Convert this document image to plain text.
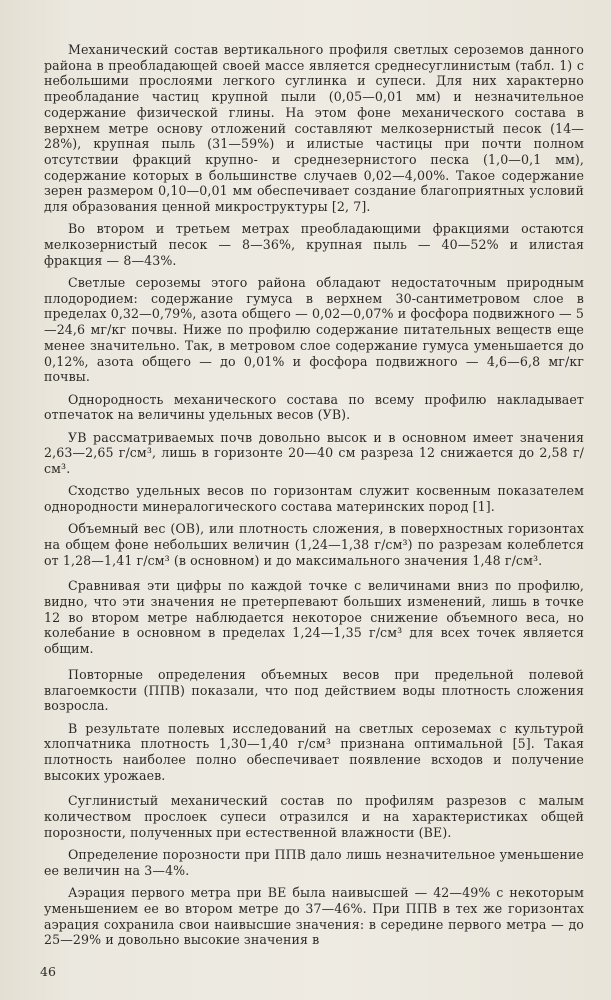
Механический состав вертикального профиля светлых сероземов данного района в преобладающей своей массе является среднесуглинистым (табл. 1) с небольшими прослоями легкого суглинка и супеси. Для них характерно преобладание частиц крупной пыли (0,05—0,01 мм) и незначительное содержание физической глины. На этом фоне механического состава в верхнем метре основу отложений составляют мелкозернистый песок (14—28%), крупная пыль (31—59%) и илистые частицы при почти полном отсутствии фракций крупно- и среднезернистого песка (1,0—0,1 мм), содержание которых в большинстве случаев 0,02—4,00%. Такое содержание зерен размером 0,10—0,01 мм обеспечивает создание благоприятных условий для образования ценной микроструктуры [2, 7].

Во втором и третьем метрах преобладающими фракциями остаются мелкозернистый песок — 8—36%, крупная пыль — 40—52% и илистая фракция — 8—43%.

Светлые сероземы этого района обладают недостаточным природным плодородием: содержание гумуса в верхнем 30-сантиметровом слое в пределах 0,32—0,79%, азота общего — 0,02—0,07% и фосфора подвижного — 5—24,6 мг/кг почвы. Ниже по профилю содержание питательных веществ еще менее значительно. Так, в метровом слое содержание гумуса уменьшается до 0,12%, азота общего — до 0,01% и фосфора подвижного — 4,6—6,8 мг/кг почвы.

Однородность механического состава по всему профилю накладывает отпечаток на величины удельных весов (УВ).

УВ рассматриваемых почв довольно высок и в основном имеет значения 2,63—2,65 г/см³, лишь в горизонте 20—40 см разреза 12 снижается до 2,58 г/см³.

Сходство удельных весов по горизонтам служит косвенным показателем однородности минералогического состава материнских пород [1].

Объемный вес (ОВ), или плотность сложения, в поверхностных горизонтах на общем фоне небольших величин (1,24—1,38 г/см³) по разрезам колеблется от 1,28—1,41 г/см³ (в основном) и до максимального значения 1,48 г/см³.

Сравнивая эти цифры по каждой точке с величинами вниз по профилю, видно, что эти значения не претерпевают больших изменений, лишь в точке 12 во втором метре наблюдается некоторое снижение объемного веса, но колебание в основном в пределах 1,24—1,35 г/см³ для всех точек является общим.

Повторные определения объемных весов при предельной полевой влагоемкости (ППВ) показали, что под действием воды плотность сложения возросла.

В результате полевых исследований на светлых сероземах с культурой хлопчатника плотность 1,30—1,40 г/см³ признана оптимальной [5]. Такая плотность наиболее полно обеспечивает появление всходов и получение высоких урожаев.

Суглинистый механический состав по профилям разрезов с малым количеством прослоек супеси отразился и на характеристиках общей порозности, полученных при естественной влажности (ВЕ).

Определение порозности при ППВ дало лишь незначительное уменьшение ее величин на 3—4%.

Аэрация первого метра при ВЕ была наивысшей — 42—49% с некоторым уменьшением ее во втором метре до 37—46%. При ППВ в тех же горизонтах аэрация сохранила свои наивысшие значения: в середине первого метра — до 25—29% и довольно высокие значения в

46
